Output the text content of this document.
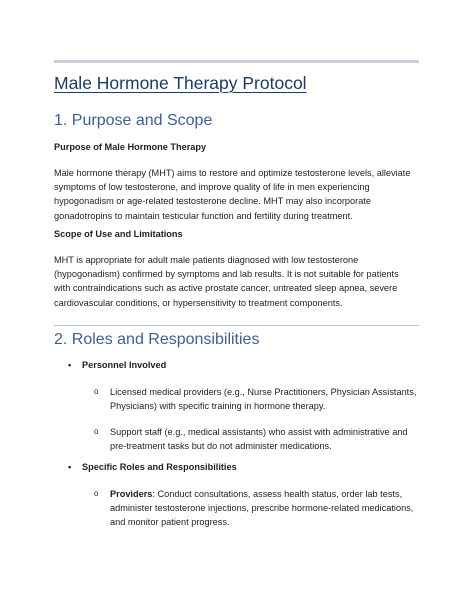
Male Hormone Therapy Protocol
1. Purpose and Scope
Purpose of Male Hormone Therapy

Male hormone therapy (MHT) aims to restore and optimize testosterone levels, alleviate symptoms of low testosterone, and improve quality of life in men experiencing hypogonadism or age-related testosterone decline. MHT may also incorporate gonadotropins to maintain testicular function and fertility during treatment.

Scope of Use and Limitations

MHT is appropriate for adult male patients diagnosed with low testosterone (hypogonadism) confirmed by symptoms and lab results. It is not suitable for patients with contraindications such as active prostate cancer, untreated sleep apnea, severe cardiovascular conditions, or hypersensitivity to treatment components.

2. Roles and Responsibilities
• Personnel Involved
o Licensed medical providers (e.g., Nurse Practitioners, Physician Assistants, Physicians) with specific training in hormone therapy.
o Support staff (e.g., medical assistants) who assist with administrative and pre-treatment tasks but do not administer medications.
• Specific Roles and Responsibilities
o Providers: Conduct consultations, assess health status, order lab tests, administer testosterone injections, prescribe hormone-related medications, and monitor patient progress.
